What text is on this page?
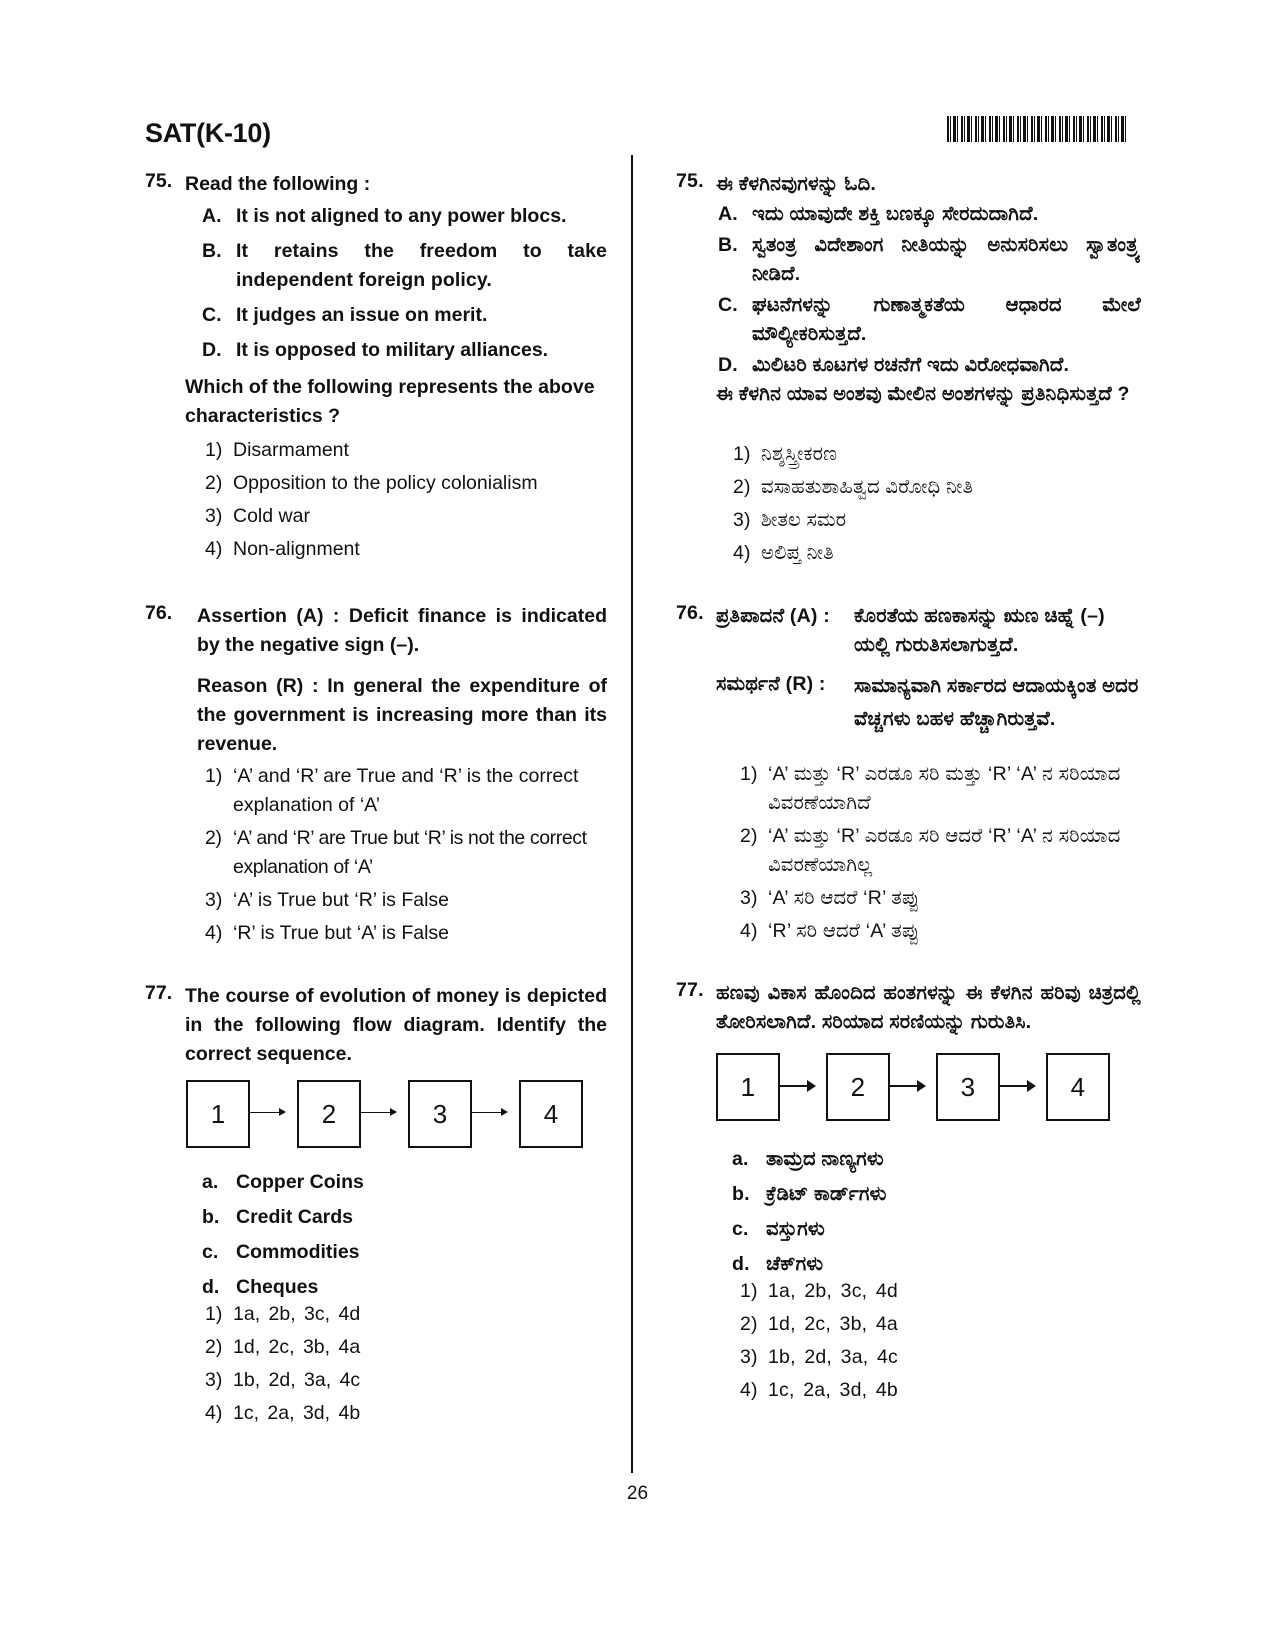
SAT(K-10)
75. Read the following :
A. It is not aligned to any power blocs.
B. It retains the freedom to take independent foreign policy.
C. It judges an issue on merit.
D. It is opposed to military alliances.
Which of the following represents the above characteristics ?
1) Disarmament
2) Opposition to the policy colonialism
3) Cold war
4) Non-alignment
76. Assertion (A) : Deficit finance is indicated by the negative sign (–).
Reason (R) : In general the expenditure of the government is increasing more than its revenue.
1) ‘A’ and ‘R’ are True and ‘R’ is the correct explanation of ‘A’
2) ‘A’ and ‘R’ are True but ‘R’ is not the correct explanation of ‘A’
3) ‘A’ is True but ‘R’ is False
4) ‘R’ is True but ‘A’ is False
77. The course of evolution of money is depicted in the following flow diagram. Identify the correct sequence.
1	2	3	4
a. Copper Coins
b. Credit Cards
c. Commodities
d. Cheques
1) 1a, 2b, 3c, 4d
2) 1d, 2c, 3b, 4a
3) 1b, 2d, 3a, 4c
4) 1c, 2a, 3d, 4b
75. ಈ ಕೆಳಗಿನವುಗಳನ್ನು ಓದಿ.
A. ಇದು ಯಾವುದೇ ಶಕ್ತಿ ಬಣಕ್ಕೂ ಸೇರದುದಾಗಿದೆ.
B. ಸ್ವತಂತ್ರ ವಿದೇಶಾಂಗ ನೀತಿಯನ್ನು ಅನುಸರಿಸಲು ಸ್ವಾತಂತ್ರ್ಯ ನೀಡಿದೆ.
C. ಘಟನೆಗಳನ್ನು ಗುಣಾತ್ಮಕತೆಯ ಆಧಾರದ ಮೇಲೆ ಮೌಲ್ಯೀಕರಿಸುತ್ತದೆ.
D. ಮಿಲಿಟರಿ ಕೂಟಗಳ ರಚನೆಗೆ ಇದು ವಿರೋಧವಾಗಿದೆ.
ಈ ಕೆಳಗಿನ ಯಾವ ಅಂಶವು ಮೇಲಿನ ಅಂಶಗಳನ್ನು ಪ್ರತಿನಿಧಿಸುತ್ತದೆ ?
1) ನಿಶ್ಶಸ್ತ್ರೀಕರಣ
2) ವಸಾಹತುಶಾಹಿತ್ವದ ವಿರೋಧಿ ನೀತಿ
3) ಶೀತಲ ಸಮರ
4) ಅಲಿಪ್ತ ನೀತಿ
76. ಪ್ರತಿಪಾದನೆ (A) : ಕೊರತೆಯ ಹಣಕಾಸನ್ನು ಋಣ ಚಿಹ್ನೆ (–) ಯಲ್ಲಿ ಗುರುತಿಸಲಾಗುತ್ತದೆ.
ಸಮರ್ಥನೆ (R) : ಸಾಮಾನ್ಯವಾಗಿ ಸರ್ಕಾರದ ಆದಾಯಕ್ಕಿಂತ ಅದರ ವೆಚ್ಚಗಳು ಬಹಳ ಹೆಚ್ಚಾಗಿರುತ್ತವೆ.
1) ‘A’ ಮತ್ತು ‘R’ ಎರಡೂ ಸರಿ ಮತ್ತು ‘R’ ‘A’ ನ ಸರಿಯಾದ ವಿವರಣೆಯಾಗಿದೆ
2) ‘A’ ಮತ್ತು ‘R’ ಎರಡೂ ಸರಿ ಆದರೆ ‘R’ ‘A’ ನ ಸರಿಯಾದ ವಿವರಣೆಯಾಗಿಲ್ಲ
3) ‘A’ ಸರಿ ಆದರೆ ‘R’ ತಪ್ಪು
4) ‘R’ ಸರಿ ಆದರೆ ‘A’ ತಪ್ಪು
77. ಹಣವು ವಿಕಾಸ ಹೊಂದಿದ ಹಂತಗಳನ್ನು ಈ ಕೆಳಗಿನ ಹರಿವು ಚಿತ್ರದಲ್ಲಿ ತೋರಿಸಲಾಗಿದೆ. ಸರಿಯಾದ ಸರಣಿಯನ್ನು ಗುರುತಿಸಿ.
1	2	3	4
a. ತಾಮ್ರದ ನಾಣ್ಯಗಳು
b. ಕ್ರೆಡಿಟ್ ಕಾರ್ಡ್‌ಗಳು
c. ವಸ್ತುಗಳು
d. ಚೆಕ್‌ಗಳು
1) 1a, 2b, 3c, 4d
2) 1d, 2c, 3b, 4a
3) 1b, 2d, 3a, 4c
4) 1c, 2a, 3d, 4b
26
